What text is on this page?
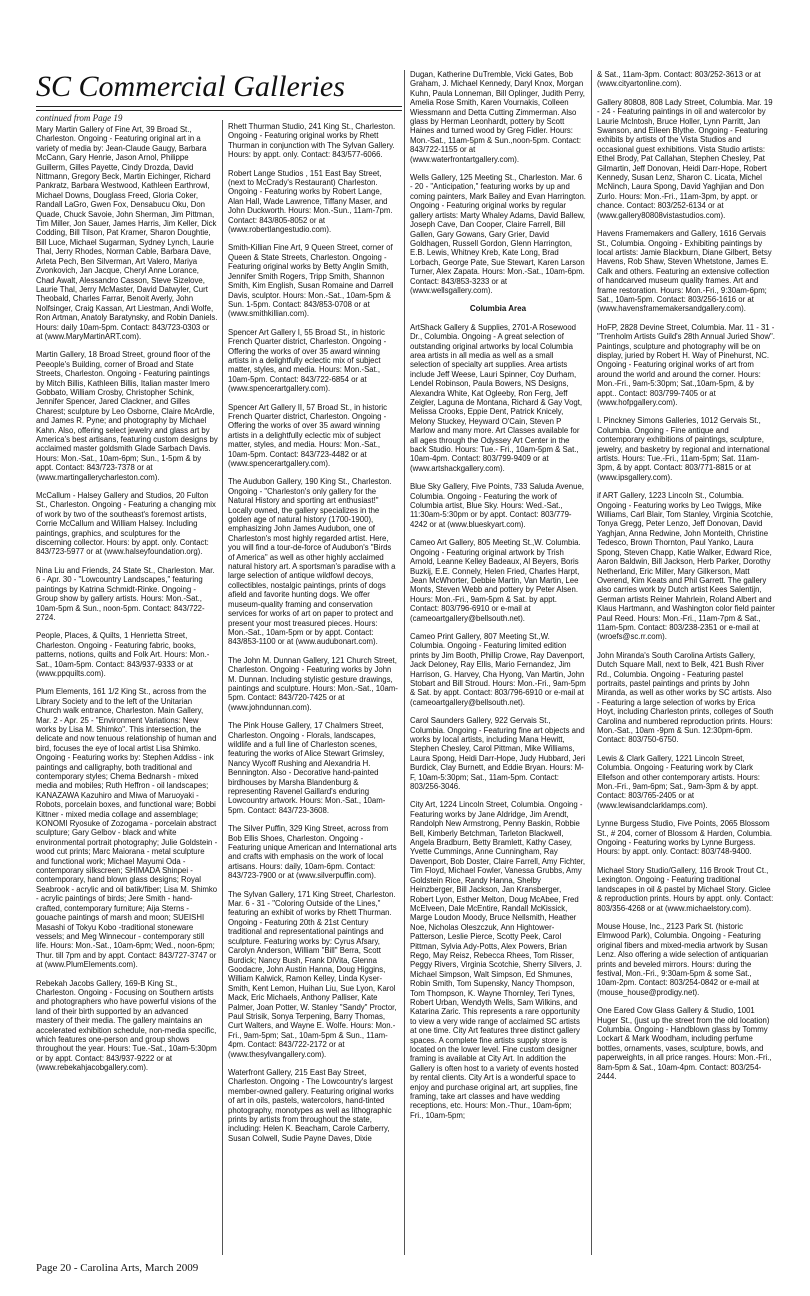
SC Commercial Galleries
continued from Page 19

Mary Martin Gallery of Fine Art, 39 Broad St., Charleston. Ongoing - Featuring original art in a variety of media by: Jean-Claude Gaugy, Barbara McCann, Gary Henrie, Jason Arnol, Philippe Guillerm, Gilles Payette, Cindy Drozda, David Nittmann, Gregory Beck, Martin Eichinger, Richard Pankratz, Barbara Westwood, Kathleen Earthrowl, Michael Downs, Douglass Freed, Gloria Coker, Randall LaGro, Gwen Fox, Densabucu Oku, Don Quade, Chuck Savoie, John Sherman, Jim Pittman, Tim Miller, Jon Sauer, James Harris, Jim Keller, Dick Codding, Bill Tilson, Pat Kramer, Sharon Doughtie, Bill Luce, Michael Sugarman, Sydney Lynch, Laurie Thal, Jerry Rhodes, Norman Cable, Barbara Dave, Arleta Pech, Ben Silverman, Art Valero, Mariya Zvonkovich, Jan Jacque, Cheryl Anne Lorance, Chad Awalt, Alessandro Casson, Steve Sizelove, Laurie Thal, Jerry McMaster, David Datwyler, Curt Theobald, Charles Farrar, Benoit Averly, John Nolfsinger, Craig Kassan, Art Liestman, Andi Wolfe, Ron Artman, Anatoly Baratynsky, and Robin Daniels. Hours: daily 10am-5pm. Contact: 843/723-0303 or at (www.MaryMartinART.com).

Martin Gallery, 18 Broad Street, ground floor of the Peeople's Building, corner of Broad and State Streets, Charleston. Ongoing - Featuring paintings by Mitch Billis, Kathleen Billis, Italian master Imero Gobbato, William Crosby, Christopher Schink, Jennifer Spencer, Jared Clackner, and Gilles Charest; sculpture by Leo Osborne, Claire McArdle, and James R. Pyne; and photography by Michael Kahn. Also, offering select jewelry and glass art by America's best artisans, featuring custom designs by acclaimed master goldsmith Glade Sarbach Davis. Hours: Mon.-Sat., 10am-6pm; Sun., 1-5pm & by appt. Contact: 843/723-7378 or at (www.martingallerycharleston.com).

McCallum - Halsey Gallery and Studios, 20 Fulton St., Charleston. Ongoing - Featuring a changing mix of work by two of the southeast's foremost artists, Corrie McCallum and William Halsey. Including paintings, graphics, and sculptures for the discerning collector. Hours: by appt. only. Contact: 843/723-5977 or at (www.halseyfoundation.org).

Nina Liu and Friends, 24 State St., Charleston. Mar. 6 - Apr. 30 - "Lowcountry Landscapes," featuring paintings by Katrina Schmidt-Rinke. Ongoing - Group show by gallery artists. Hours: Mon.-Sat., 10am-5pm & Sun., noon-5pm. Contact: 843/722-2724.

People, Places, & Quilts, 1 Henrietta Street, Charleston. Ongoing - Featuring fabric, books, patterns, notions, quilts and Folk Art. Hours: Mon.-Sat., 10am-5pm. Contact: 843/937-9333 or at (www.ppquilts.com).

Plum Elements, 161 1/2 King St., across from the Library Society and to the left of the Unitarian Church walk entrance, Charleston. Main Gallery, Mar. 2 - Apr. 25 - "Environment Variations: New works by Lisa M. Shimko". This intersection, the delicate and now tenuous relationship of human and bird, focuses the eye of local artist Lisa Shimko. Ongoing - Featuring works by: Stephen Addiss - ink paintings and calligraphy, both traditional and contemporary styles; Chema Bednarsh - mixed media and mobiles; Ruth Heffron - oil landscapes; KANAZAWA Kazuhiro and Miwa of Maruoyaki - Robots, porcelain boxes, and functional ware; Bobbi Kittner - mixed media collage and assemblage; KONOMI Ryosuke of Zozogama - porcelain abstract sculpture; Gary Gelbov - black and white environmental portrait photography; Julie Goldstein - wood cut prints; Marc Maiorana - metal sculpture and functional work; Michael Mayumi Oda - contemporary silkscreen; SHIMADA Shinpei - contemporary, hand blown glass designs; Royal Seabrook - acrylic and oil batik/fiber; Lisa M. Shimko - acrylic paintings of birds; Jere Smith - hand-crafted, contemporary furniture; Aija Sterns - gouache paintings of marsh and moon; SUEISHI Masashi of Tokyu Kobo -traditional stoneware vessels; and Meg Winnecour - contemporary still life. Hours: Mon.-Sat., 10am-6pm; Wed., noon-6pm; Thur. till 7pm and by appt. Contact: 843/727-3747 or at (www.PlumElements.com).

Rebekah Jacobs Gallery, 169-B King St., Charleston. Ongoing - Focusing on Southern artists and photographers who have powerful visions of the land of their birth supported by an advanced mastery of their media. The gallery maintains an accelerated exhibition schedule, non-media specific, which features one-person and group shows throughout the year. Hours: Tue.-Sat., 10am-5:30pm or by appt. Contact: 843/937-9222 or at (www.rebekahjacobgallery.com).

Rhett Thurman Studio, 241 King St., Charleston. Ongoing - Featuring original works by Rhett Thurman in conjunction with The Sylvan Gallery. Hours: by appt. only. Contact: 843/577-6066.

Robert Lange Studios , 151 East Bay Street, (next to McCrady's Restaurant) Charleston. Ongoing - Featuring works by Robert Lange, Alan Hall, Wade Lawrence, Tiffany Maser, and John Duckworth. Hours: Mon.-Sun., 11am-7pm. Contact: 843/805-8052 or at (www.robertlangestudio.com).

Smith-Killian Fine Art, 9 Queen Street, corner of Queen & State Streets, Charleston. Ongoing - Featuring original works by Betty Anglin Smith, Jennifer Smith Rogers, Tripp Smith, Shannon Smith, Kim English, Susan Romaine and Darrell Davis, sculptor. Hours: Mon.-Sat., 10am-5pm & Sun. 1-5pm. Contact: 843/853-0708 or at (www.smithkillian.com).

Spencer Art Gallery I, 55 Broad St., in historic French Quarter district, Charleston. Ongoing - Offering the works of over 35 award winning artists in a delightfully eclectic mix of subject matter, styles, and media. Hours: Mon.-Sat., 10am-5pm. Contact: 843/722-6854 or at (www.spencerartgallery.com).

Spencer Art Gallery II, 57 Broad St., in historic French Quarter district, Charleston. Ongoing - Offering the works of over 35 award winning artists in a delightfully eclectic mix of subject matter, styles, and media. Hours: Mon.-Sat., 10am-5pm. Contact: 843/723-4482 or at (www.spencerartgallery.com).

The Audubon Gallery, 190 King St., Charleston. Ongoing - "Charleston's only gallery for the Natural History and sporting art enthusiast!" Locally owned, the gallery specializes in the golden age of natural history (1700-1900), emphasizing John James Audubon, one of Charleston's most highly regarded artist. Here, you will find a tour-de-force of Audubon's "Birds of America" as well as other highly acclaimed natural history art. A sportsman's paradise with a large selection of antique wildfowl decoys, collectibles, nostalgic paintings, prints of dogs afield and favorite hunting dogs. We offer museum-quality framing and conservation services for works of art on paper to protect and present your most treasured pieces. Hours: Mon.-Sat., 10am-5pm or by appt. Contact: 843/853-1100 or at (www.audubonart.com).

The John M. Dunnan Gallery, 121 Church Street, Charleston. Ongoing - Featuring works by John M. Dunnan. Including stylistic gesture drawings, paintings and sculpture. Hours: Mon.-Sat., 10am-5pm. Contact: 843/720-7425 or at (www.johndunnan.com).

The Pink House Gallery, 17 Chalmers Street, Charleston. Ongoing - Florals, landscapes, wildlife and a full line of Charleston scenes, featuring the works of Alice Stewart Grimsley, Nancy Wycoff Rushing and Alexandria H. Bennington. Also - Decorative hand-painted birdhouses by Marsha Blandenburg & representing Ravenel Gaillard's enduring Lowcountry artwork. Hours: Mon.-Sat., 10am-5pm. Contact: 843/723-3608.

The Silver Puffin, 329 King Street, across from Bob Ellis Shoes, Charleston. Ongoing - Featuring unique American and International arts and crafts with emphasis on the work of local artisans. Hours: daily, 10am-6pm. Contact: 843/723-7900 or at (www.silverpuffin.com).

The Sylvan Gallery, 171 King Street, Charleston. Mar. 6 - 31 - "Coloring Outside of the Lines," featuring an exhibit of works by Rhett Thurman. Ongoing - Featuring 20th & 21st Century traditional and representational paintings and sculpture. Featuring works by: Cyrus Afsary, Carolyn Anderson, William "Bill" Berra, Scott Burdick; Nancy Bush, Frank DiVita, Glenna Goodacre, John Austin Hanna, Doug Higgins, William Kalwick, Ramon Kelley, Linda Kyser-Smith, Kent Lemon, Huihan Liu, Sue Lyon, Karol Mack, Eric Michaels, Anthony Palliser, Kate Palmer, Joan Potter, W. Stanley "Sandy" Proctor, Paul Strisik, Sonya Terpening, Barry Thomas, Curt Walters, and Wayne E. Wolfe. Hours: Mon.-Fri., 9am-5pm; Sat., 10am-5pm & Sun., 11am-4pm. Contact: 843/722-2172 or at (www.thesylvangallery.com).

Waterfront Gallery, 215 East Bay Street, Charleston. Ongoing - The Lowcountry's largest member-owned gallery. Featuring original works of art in oils, pastels, watercolors, hand-tinted photography, monotypes as well as lithographic prints by artists from throughout the state, including: Helen K. Beacham, Carole Carberry, Susan Colwell, Sudie Payne Daves, Dixie

Dugan, Katherine DuTremble, Vicki Gates, Bob Graham, J. Michael Kennedy, Daryl Knox, Morgan Kuhn, Paula Lonneman, Bill Oplinger, Judith Perry, Amelia Rose Smith, Karen Vournakis, Colleen Wiessmann and Detta Cutting Zimmerman. Also glass by Herman Leonhardt, pottery by Scott Haines and turned wood by Greg Fidler. Hours: Mon.-Sat., 11am-5pm & Sun.,noon-5pm. Contact: 843/722-1155 or at (www.waterfrontartgallery.com).

Wells Gallery, 125 Meeting St., Charleston. Mar. 6 - 20 - "Anticipation," featuring works by up and coming painters, Mark Bailey and Evan Harrington. Ongoing - Featuring original works by regular gallery artists: Marty Whaley Adams, David Ballew, Joseph Cave, Dan Cooper, Claire Farrell, Bill Gallen, Gary Gowans, Gary Grier, David Goldhagen, Russell Gordon, Glenn Harrington, E.B. Lewis, Whitney Kreb, Kate Long, Brad Lorbach, George Pate, Sue Stewart, Karen Larson Turner, Alex Zapata. Hours: Mon.-Sat., 10am-6pm. Contact: 843/853-3233 or at (www.wellsgallery.com).

Columbia Area

ArtShack Gallery & Supplies, 2701-A Rosewood Dr., Columbia. Ongoing - A great selection of outstanding original artworks by local Columbia area artists in all media as well as a small selection of specialty art supplies. Area artists include Jeff Weese, Lauri Spinner, Coy Durham, Lendel Robinson, Paula Bowers, NS Designs, Alexandra White, Kat Ogleeby, Ron Ferg, Jeff Zeigler, Laguna de Montana, Richard & Gay Vogt, Melissa Crooks, Eppie Dent, Patrick Knicely, Melony Stuckey, Heyward O'Cain, Steven P Marlow and many more. Art Classes available for all ages through the Odyssey Art Center in the back Studio. Hours: Tue.- Fri., 10am-5pm & Sat., 10am-4pm. Contact: 803/799-9409 or at (www.artshackgallery.com).

Blue Sky Gallery, Five Points, 733 Saluda Avenue, Columbia. Ongoing - Featuring the work of Columbia artist, Blue Sky. Hours: Wed.-Sat., 11:30am-5:30pm or by appt. Contact: 803/779-4242 or at (www.blueskyart.com).

Cameo Art Gallery, 805 Meeting St.,W. Columbia. Ongoing - Featuring original artwork by Trish Arnold, Leanne Kelley Badeaux, Al Beyers, Boris Buzkij, E.E. Connely, Helen Fried, Charles Harpt, Jean McWhorter, Debbie Martin, Van Martin, Lee Monts, Steven Webb and pottery by Peter Alsen. Hours: Mon.-Fri., 9am-5pm & Sat. by appt. Contact: 803/796-6910 or e-mail at (cameoartgallery@bellsouth.net).

Cameo Print Gallery, 807 Meeting St.,W. Columbia. Ongoing - Featuring limited edition prints by Jim Booth, Phillip Crowe, Ray Davenport, Jack Deloney, Ray Ellis, Mario Fernandez, Jim Harrison, G. Harvey, Cha Hyong, Van Martin, John Stobart and Bill Stroud. Hours: Mon.-Fri., 9am-5pm & Sat. by appt. Contact: 803/796-6910 or e-mail at (cameoartgallery@bellsouth.net).

Carol Saunders Gallery, 922 Gervais St., Columbia. Ongoing - Featuring fine art objects and works by local artists, including Mana Hewitt, Stephen Chesley, Carol Pittman, Mike Williams, Laura Spong, Heidi Darr-Hope, Judy Hubbard, Jeri Burdick, Clay Burnett, and Eddie Bryan. Hours: M-F, 10am-5:30pm; Sat., 11am-5pm. Contact: 803/256-3046.

City Art, 1224 Lincoln Street, Columbia. Ongoing - Featuring works by Jane Aldridge, Jim Arendt, Randolph New Armstrong, Penny Baskin, Robbie Bell, Kimberly Betchman, Tarleton Blackwell, Angela Bradburn, Betty Bramlett, Kathy Casey, Yvette Cummings, Anne Cunningham, Ray Davenport, Bob Doster, Claire Farrell, Amy Fichter, Tim Floyd, Michael Fowler, Vanessa Grubbs, Amy Goldstein Rice, Randy Hanna, Shelby Heinzberger, Bill Jackson, Jan Kransberger, Robert Lyon, Esther Melton, Doug McAbee, Fred McElveen, Dale McEntire, Randall McKissick, Marge Loudon Moody, Bruce Nellsmith, Heather Noe, Nicholas Oleszczuk, Ann Hightower-Patterson, Leslie Pierce, Scotty Peek, Carol Pittman, Sylvia Ady-Potts, Alex Powers, Brian Rego, May Reisz, Rebecca Rhees, Tom Risser, Peggy Rivers, Virginia Scotchie, Sherry Silvers, J. Michael Simpson, Walt Simpson, Ed Shmunes, Robin Smith, Tom Supensky, Nancy Thompson, Tom Thompson, K. Wayne Thornley, Teri Tynes, Robert Urban, Wendyth Wells, Sam Wilkins, and Katarina Zaric. This represents a rare opportunity to view a very wide range of acclaimed SC artists at one time. City Art features three distinct gallery spaces. A complete fine artists supply store is located on the lower level. Fine custom designer framing is available at City Art. In addition the Gallery is often host to a variety of events hosted by rental clients. City Art is a wonderful space to enjoy and purchase original art, art supplies, fine framing, take art classes and have wedding receptions, etc. Hours: Mon.-Thur., 10am-6pm; Fri., 10am-5pm;

& Sat., 11am-3pm. Contact: 803/252-3613 or at (www.cityartonline.com).

Gallery 80808, 808 Lady Street, Columbia. Mar. 19 - 24 - Featuring paintings in oil and watercolor by Laurie McIntosh, Bruce Holler, Lynn Parritt, Jan Swanson, and Eileen Blythe. Ongoing - Featuring exhibits by artists of the Vista Studios and occasional guest exhibitions. Vista Studio artists: Ethel Brody, Pat Callahan, Stephen Chesley, Pat Gilmartin, Jeff Donovan, Heidi Darr-Hope, Robert Kennedy, Susan Lenz, Sharon C. Licata, Michel McNinch, Laura Spong, David Yaghjian and Don Zurlo. Hours: Mon.-Fri., 11am-3pm, by appt. or chance. Contact: 803/252-6134 or at (www.gallery80808vistastudios.com).

Havens Framemakers and Gallery, 1616 Gervais St., Columbia. Ongoing - Exhibiting paintings by local artists: Jamie Blackburn, Diane Gilbert, Betsy Havens, Rob Shaw, Steven Whetstone, James E. Calk and others. Featuring an extensive collection of handcarved museum quality frames. Art and frame restoration. Hours: Mon.-Fri., 9:30am-6pm; Sat., 10am-5pm. Contact: 803/256-1616 or at (www.havensframemakersandgallery.com).

HoFP, 2828 Devine Street, Columbia. Mar. 11 - 31 - "Trenholm Artists Guild's 28th Annual Juried Show". Paintings, sculpture and photography will be on display, juried by Robert H. Way of Pinehurst, NC. Ongoing - Featuring original works of art from around the world and around the corner. Hours: Mon.-Fri., 9am-5:30pm; Sat.,10am-5pm, & by appt.. Contact: 803/799-7405 or at (www.hofpgallery.com).

I. Pinckney Simons Galleries, 1012 Gervais St., Columbia. Ongoing - Fine antique and contemporary exhibitions of paintings, sculpture, jewelry, and basketry by regional and international artists. Hours: Tue.-Fri., 11am-5pm; Sat. 11am-3pm, & by appt. Contact: 803/771-8815 or at (www.ipsgallery.com).

if ART Gallery, 1223 Lincoln St., Columbia. Ongoing - Featuring works by Leo Twiggs, Mike Williams, Carl Blair, Tom Stanley, Virginia Scotchie, Tonya Gregg, Peter Lenzo, Jeff Donovan, David Yaghjan, Anna Redwine, John Monteith, Christine Tedesco, Brown Thornton, Paul Yanko, Laura Spong, Steven Chapp, Katie Walker, Edward Rice, Aaron Baldwin, Bill Jackson, Herb Parker, Dorothy Netherland, Eric Miller, Mary Gilkerson, Matt Overend, Kim Keats and Phil Garrett. The gallery also carries work by Dutch artist Kees Salentijn, German artists Reiner Mahrlein, Roland Albert and Klaus Hartmann, and Washington color field painter Paul Reed. Hours: Mon.-Fri., 11am-7pm & Sat., 11am-5pm. Contact: 803/238-2351 or e-mail at (wroefs@sc.rr.com).

John Miranda's South Carolina Artists Gallery, Dutch Square Mall, next to Belk, 421 Bush River Rd., Columbia. Ongoing - Featuring pastel portraits, pastel paintings and prints by John Miranda, as well as other works by SC artists. Also - Featuring a large selection of works by Erica Hoyt, including Charleston prints, colleges of South Carolina and numbered reproduction prints. Hours: Mon.-Sat., 10am -9pm & Sun. 12:30pm-6pm. Contact: 803/750-6750.

Lewis & Clark Gallery, 1221 Lincoln Street, Columbia. Ongoing - Featuring work by Clark Ellefson and other contemporary artists. Hours: Mon.-Fri., 9am-6pm; Sat., 9am-3pm & by appt. Contact: 803/765-2405 or at (www.lewisandclarklamps.com).

Lynne Burgess Studio, Five Points, 2065 Blossom St., # 204, corner of Blossom & Harden, Columbia. Ongoing - Featuring works by Lynne Burgess. Hours: by appt. only. Contact: 803/748-9400.

Michael Story Studio/Gallery, 116 Brook Trout Ct., Lexington. Ongoing - Featuring traditional landscapes in oil & pastel by Michael Story. Giclee & reproduction prints. Hours by appt. only. Contact: 803/356-4268 or at (www.michaelstory.com).

Mouse House, Inc., 2123 Park St. (historic Elmwood Park), Columbia. Ongoing - Featuring original fibers and mixed-media artwork by Susan Lenz. Also offering a wide selection of antiquarian prints and beveled mirrors. Hours: during the festival, Mon.-Fri., 9:30am-5pm & some Sat., 10am-2pm. Contact: 803/254-0842 or e-mail at (mouse_house@prodigy.net).

One Eared Cow Glass Gallery & Studio, 1001 Huger St., (just up the street from the old location) Columbia. Ongoing - Handblown glass by Tommy Lockart & Mark Woodham, including perfume bottles, ornaments, vases, sculpture, bowls, and paperweights, in all price ranges. Hours: Mon.-Fri., 8am-5pm & Sat., 10am-4pm. Contact: 803/254-2444.

Page 20 - Carolina Arts, March 2009
